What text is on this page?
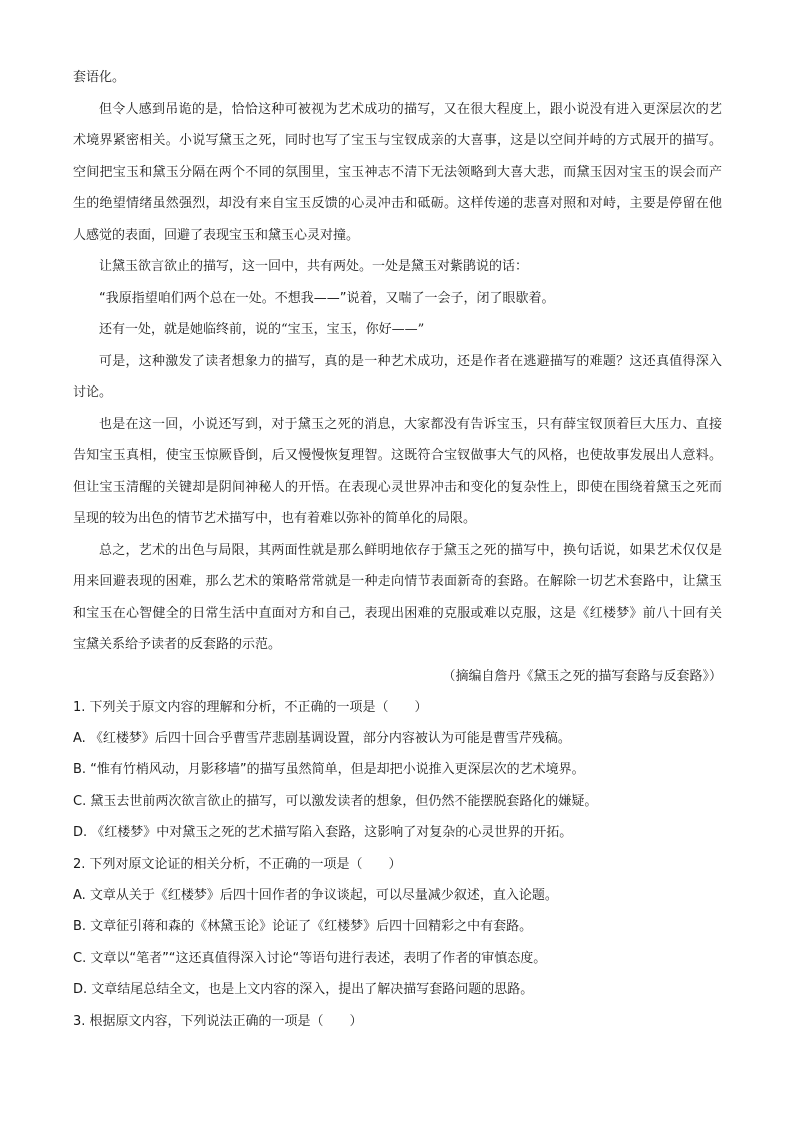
套语化。

但令人感到吊诡的是，恰恰这种可被视为艺术成功的描写，又在很大程度上，跟小说没有进入更深层次的艺术境界紧密相关。小说写黛玉之死，同时也写了宝玉与宝钗成亲的大喜事，这是以空间并峙的方式展开的描写。空间把宝玉和黛玉分隔在两个不同的氛围里，宝玉神志不清下无法领略到大喜大悲，而黛玉因对宝玉的误会而产生的绝望情绪虽然强烈，却没有来自宝玉反馈的心灵冲击和砥砺。这样传递的悲喜对照和对峙，主要是停留在他人感觉的表面，回避了表现宝玉和黛玉心灵对撞。

让黛玉欲言欲止的描写，这一回中，共有两处。一处是黛玉对紫鹃说的话：

“我原指望咱们两个总在一处。不想我——”说着，又喘了一会子，闭了眼歇着。

还有一处，就是她临终前，说的“宝玉，宝玉，你好——”

可是，这种激发了读者想象力的描写，真的是一种艺术成功，还是作者在逃避描写的难题？这还真值得深入讨论。

也是在这一回，小说还写到，对于黛玉之死的消息，大家都没有告诉宝玉，只有薛宝钗顶着巨大压力、直接告知宝玉真相，使宝玉惊厥昏倒，后又慢慢恢复理智。这既符合宝钗做事大气的风格，也使故事发展出人意料。但让宝玉清醒的关键却是阴间神秘人的开悟。在表现心灵世界冲击和变化的复杂性上，即使在围绕着黛玉之死而呈现的较为出色的情节艺术描写中，也有着难以弥补的简单化的局限。

总之，艺术的出色与局限，其两面性就是那么鲜明地依存于黛玉之死的描写中，换句话说，如果艺术仅仅是用来回避表现的困难，那么艺术的策略常常就是一种走向情节表面新奇的套路。在解除一切艺术套路中，让黛玉和宝玉在心智健全的日常生活中直面对方和自己，表现出困难的克服或难以克服，这是《红楼梦》前八十回有关宝黛关系给予读者的反套路的示范。

（摘编自詹丹《黛玉之死的描写套路与反套路》）

1. 下列关于原文内容的理解和分析，不正确的一项是（　　）

A. 《红楼梦》后四十回合乎曹雪芹悲剧基调设置，部分内容被认为可能是曹雪芹残稿。

B. “惟有竹梢风动，月影移墙”的描写虽然简单，但是却把小说推入更深层次的艺术境界。

C. 黛玉去世前两次欲言欲止的描写，可以激发读者的想象，但仍然不能摆脱套路化的嫌疑。

D. 《红楼梦》中对黛玉之死的艺术描写陷入套路，这影响了对复杂的心灵世界的开拓。

2. 下列对原文论证的相关分析，不正确的一项是（　　）

A. 文章从关于《红楼梦》后四十回作者的争议谈起，可以尽量减少叙述，直入论题。

B. 文章征引蒋和森的《林黛玉论》论证了《红楼梦》后四十回精彩之中有套路。

C. 文章以“笔者”“这还真值得深入讨论“等语句进行表述，表明了作者的审慎态度。

D. 文章结尾总结全文，也是上文内容的深入，提出了解决描写套路问题的思路。

3. 根据原文内容，下列说法正确的一项是（　　）
